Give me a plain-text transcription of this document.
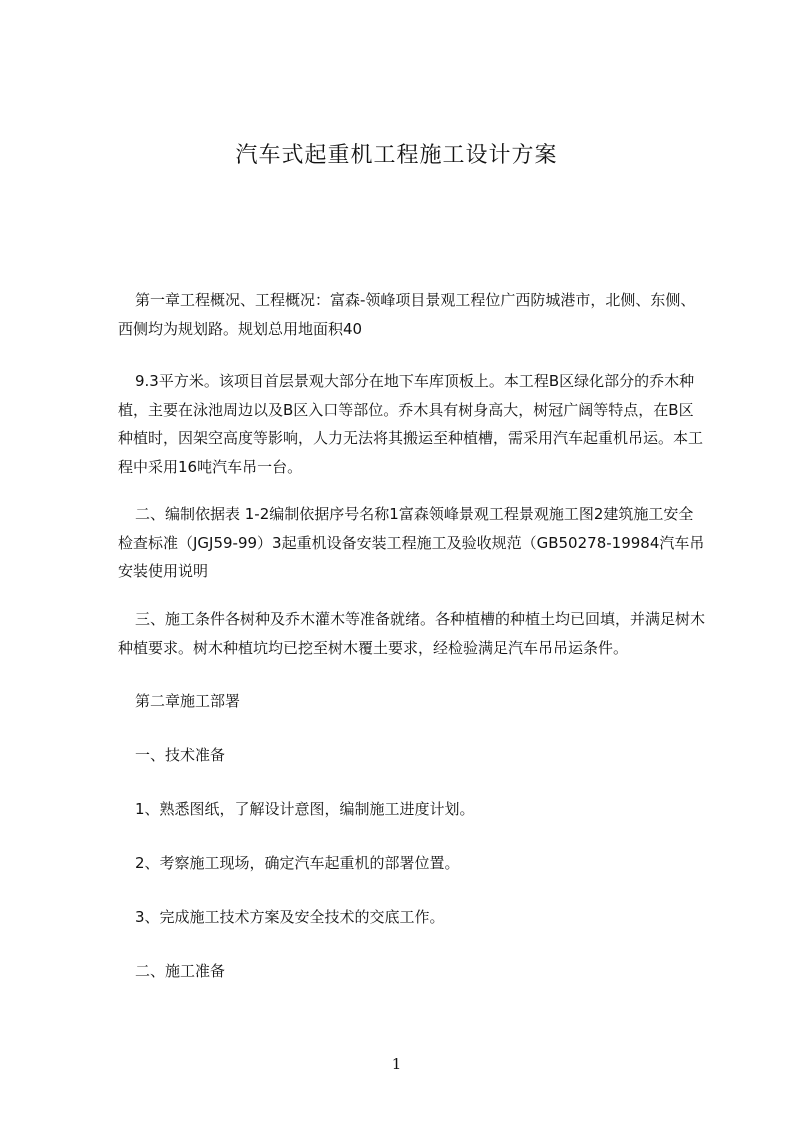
汽车式起重机工程施工设计方案

第一章工程概况、工程概况：富森-领峰项目景观工程位广西防城港市，北侧、东侧、西侧均为规划路。规划总用地面积40

9.3平方米。该项目首层景观大部分在地下车库顶板上。本工程B区绿化部分的乔木种植，主要在泳池周边以及B区入口等部位。乔木具有树身高大，树冠广阔等特点，在B区种植时，因架空高度等影响，人力无法将其搬运至种植槽，需采用汽车起重机吊运。本工程中采用16吨汽车吊一台。

二、编制依据表 1-2编制依据序号名称1富森领峰景观工程景观施工图2建筑施工安全检查标准（JGJ59-99）3起重机设备安装工程施工及验收规范（GB50278-19984汽车吊安装使用说明

三、施工条件各树种及乔木灌木等准备就绪。各种植槽的种植土均已回填，并满足树木种植要求。树木种植坑均已挖至树木覆土要求，经检验满足汽车吊吊运条件。

第二章施工部署

一、技术准备

1、熟悉图纸，了解设计意图，编制施工进度计划。

2、考察施工现场，确定汽车起重机的部署位置。

3、完成施工技术方案及安全技术的交底工作。

二、施工准备

1
